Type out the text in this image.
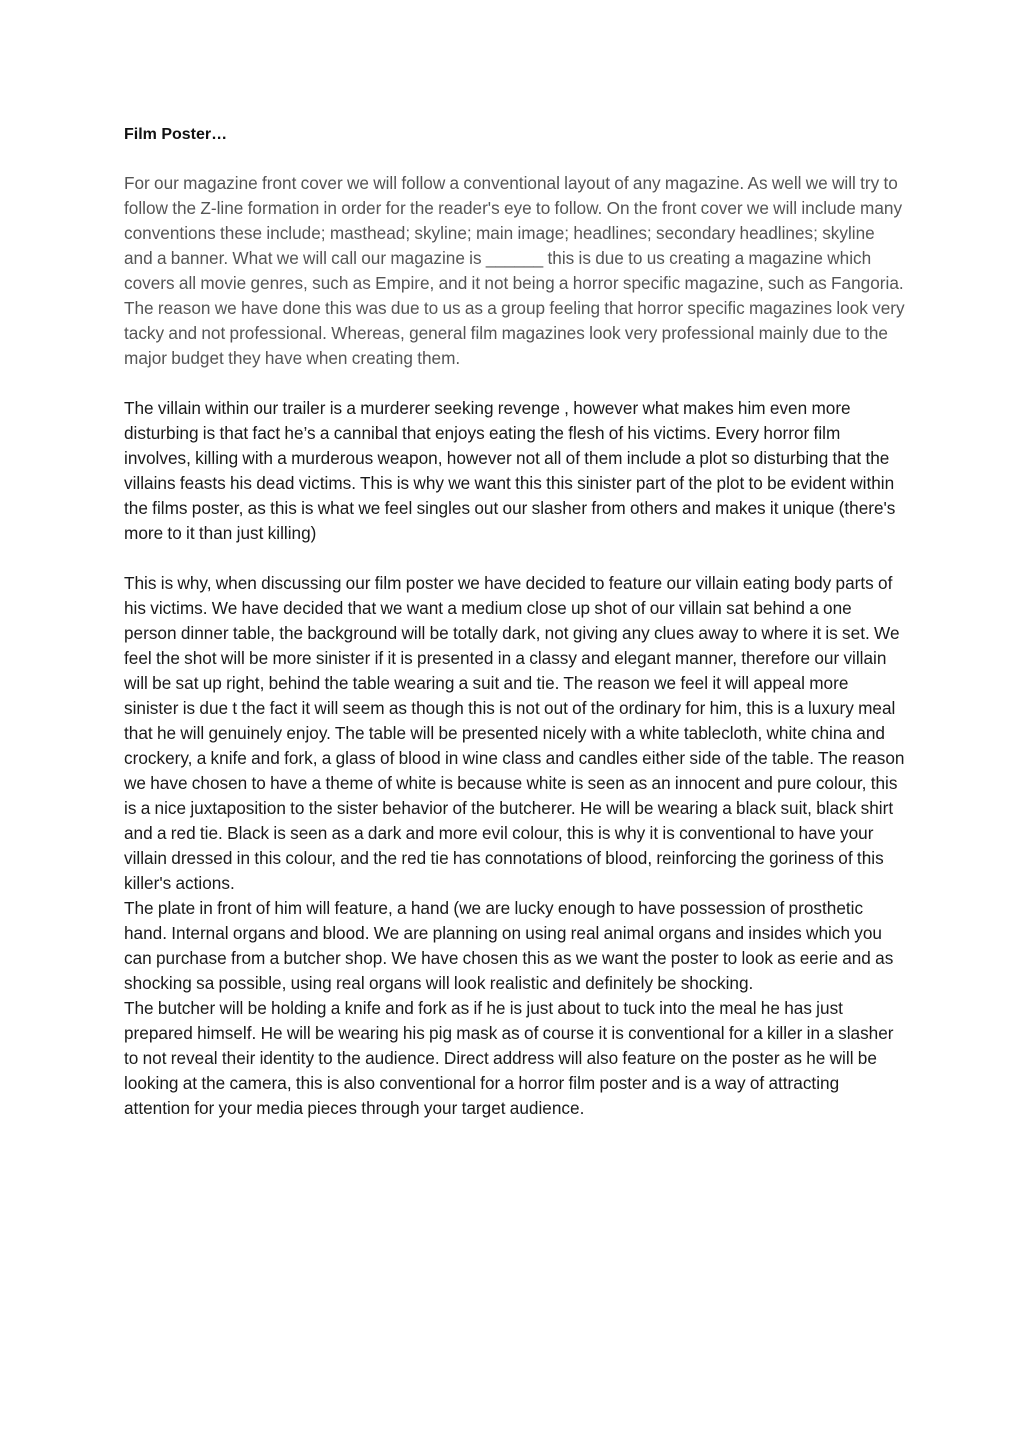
Film Poster…

For our magazine front cover we will follow a conventional layout of any magazine. As well we will try to follow the Z-line formation in order for the reader's eye to follow. On the front cover we will include many conventions these include; masthead; skyline; main image; headlines; secondary headlines; skyline and a banner. What we will call our magazine is ______ this is due to us creating a magazine which covers all movie genres, such as Empire, and it not being a horror specific magazine, such as Fangoria. The reason we have done this was due to us as a group feeling that horror specific magazines look very tacky and not professional. Whereas, general film magazines look very professional mainly due to the major budget they have when creating them.

The villain within our trailer is a murderer seeking revenge , however what makes him even more disturbing is that fact he’s a cannibal that enjoys eating the flesh of his victims. Every horror film involves, killing with a murderous weapon, however not all of them include a plot so disturbing that the villains feasts his dead victims. This is why we want this this sinister part of the plot to be evident within the films poster, as this is what we feel singles out our slasher from others and makes it unique (there's more to it than just killing)

This is why, when discussing our film poster we have decided to feature our villain eating body parts of his victims. We have decided that we want a medium close up shot of our villain sat behind a one person dinner table, the background will be totally dark, not giving any clues away to where it is set. We feel the shot will be more sinister if it is presented in a classy and elegant manner, therefore our villain will be sat up right, behind the table wearing a suit and tie. The reason we feel it will appeal more sinister is due t the fact it will seem as though this is not out of the ordinary for him, this is a luxury meal that he will genuinely enjoy. The table will be presented nicely with a white tablecloth, white china and crockery, a knife and fork, a glass of blood in wine class and candles either side of the table. The reason we have chosen to have a theme of white is because white is seen as an innocent and pure colour, this is a nice juxtaposition to the sister behavior of the butcherer. He will be wearing a black suit, black shirt and a red tie. Black is seen as a dark and more evil colour, this is why it is conventional to have your villain dressed in this colour, and the red tie has connotations of blood, reinforcing the goriness of this killer's actions.

The plate in front of him will feature, a hand (we are lucky enough to have possession of prosthetic hand. Internal organs and blood. We are planning on using real animal organs and insides which you can purchase from a butcher shop. We have chosen this as we want the poster to look as eerie and as shocking sa possible, using real organs will look realistic and definitely be shocking.

The butcher will be holding a knife and fork as if he is just about to tuck into the meal he has just prepared himself. He will be wearing his pig mask as of course it is conventional for a killer in a slasher to not reveal their identity to the audience. Direct address will also feature on the poster as he will be looking at the camera, this is also conventional for a horror film poster and is a way of attracting attention for your media pieces through your target audience.
